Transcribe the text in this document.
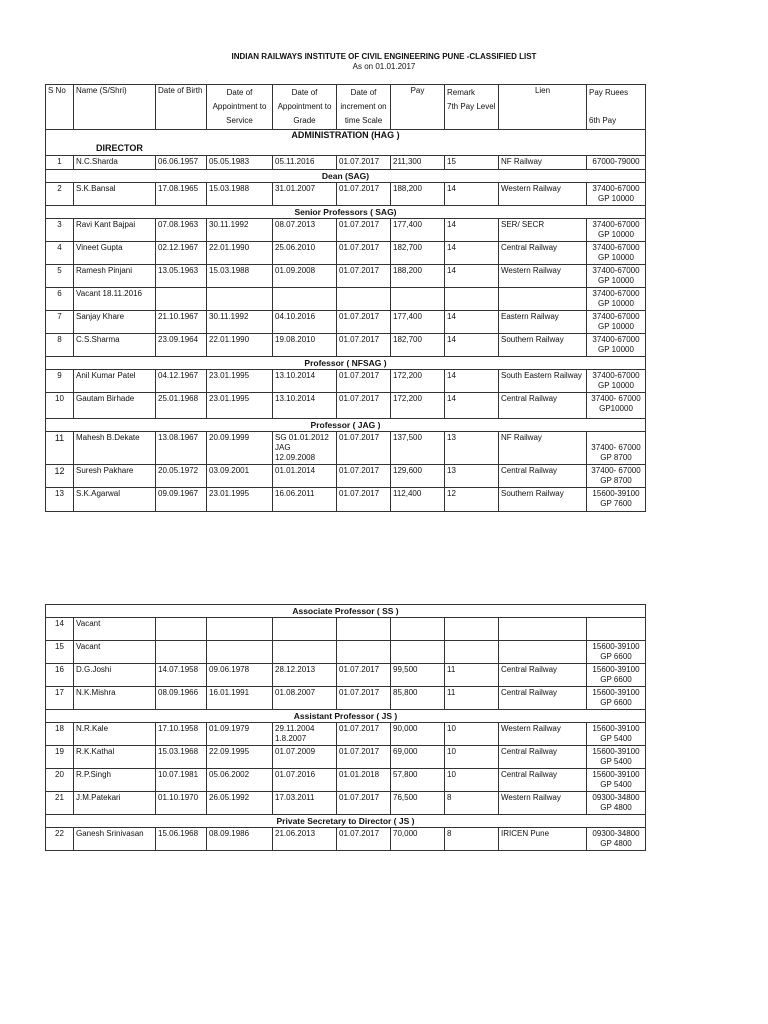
INDIAN RAILWAYS INSTITUTE OF CIVIL ENGINEERING PUNE -CLASSIFIED LIST
As on 01.01.2017
S No	Name (S/Shri)	Date of Birth	Date of
Appointment to
Service	Date of
Appointment to
Grade	Date of
increment on
time Scale	Pay	Remark
7th Pay Level	Lien	Pay Ruees

6th Pay

ADMINISTRATION (HAG )
DIRECTOR									

1	N.C.Sharda	06.06.1957	05.05.1983	05.11.2016	01.07.2017	211,300	15	NF Railway	67000-79000

Dean (SAG)									
2	S.K.Bansal	17.08.1965	15.03.1988	31.01.2007	01.07.2017	188,200	14	Western Railway	37400-67000
GP 10000

Senior Professors ( SAG)									
3	Ravi Kant Bajpai	07.08.1963	30.11.1992	08.07.2013	01.07.2017	177,400	14	SER/ SECR	37400-67000
GP 10000

4	Vineet Gupta	02.12.1967	22.01.1990	25.06.2010	01.07.2017	182,700	14	Central Railway	37400-67000
GP 10000

5	Ramesh Pinjani	13.05.1963	15.03.1988	01.09.2008	01.07.2017	188,200	14	Western Railway	37400-67000
GP 10000

6	Vacant 18.11.2016								37400-67000
GP 10000

7	Sanjay Khare	21.10.1967	30.11.1992	04.10.2016	01.07.2017	177,400	14	Eastern Railway	37400-67000
GP 10000

8	C.S.Sharma	23.09.1964	22.01.1990	19.08.2010	01.07.2017	182,700	14	Southern Railway	37400-67000
GP 10000

Professor ( NFSAG )									
9	Anil Kumar Patel	04.12.1967	23.01.1995	13.10.2014	01.07.2017	172,200	14	South Eastern Railway	37400-67000
GP 10000

10	Gautam Birhade	25.01.1968	23.01.1995	13.10.2014	01.07.2017	172,200	14	Central Railway	37400- 67000
GP10000

Professor ( JAG )									
11	Mahesh B.Dekate	13.08.1967	20.09.1999	SG 01.01.2012
JAG
12.09.2008	01.07.2017	137,500	13	NF Railway	37400- 67000
GP 8700

12	Suresh Pakhare	20.05.1972	03.09.2001	01.01.2014	01.07.2017	129,600	13	Central Railway	37400- 67000
GP 8700

13	S.K.Agarwal	09.09.1967	23.01.1995	16.06.2011	01.07.2017	112,400	12	Southern Railway	15600-39100
GP 7600
Associate Professor ( SS )									
14	Vacant								

15	Vacant								15600-39100
GP 6600

16	D.G.Joshi	14.07.1958	09.06.1978	28.12.2013	01.07.2017	99,500	11	Central Railway	15600-39100
GP 6600

17	N.K.Mishra	08.09.1966	16.01.1991	01.08.2007	01.07.2017	85,800	11	Central Railway	15600-39100
GP 6600

Assistant Professor ( JS )									
18	N.R.Kale	17.10.1958	01.09.1979	29.11.2004
1.8.2007	01.07.2017	90,000	10	Western Railway	15600-39100
GP 5400

19	R.K.Kathal	15.03.1968	22.09.1995	01.07.2009	01.07.2017	69,000	10	Central Railway	15600-39100
GP 5400

20	R.P.Singh	10.07.1981	05.06.2002	01.07.2016	01.01.2018	57,800	10	Central Railway	15600-39100
GP 5400

21	J.M.Patekari	01.10.1970	26.05.1992	17.03.2011	01.07.2017	76,500	8	Western Railway	09300-34800
GP 4800

Private Secretary to Director ( JS )									
22	Ganesh Srinivasan	15.06.1968	08.09.1986	21.06.2013	01.07.2017	70,000	8	IRICEN Pune	09300-34800
GP 4800
